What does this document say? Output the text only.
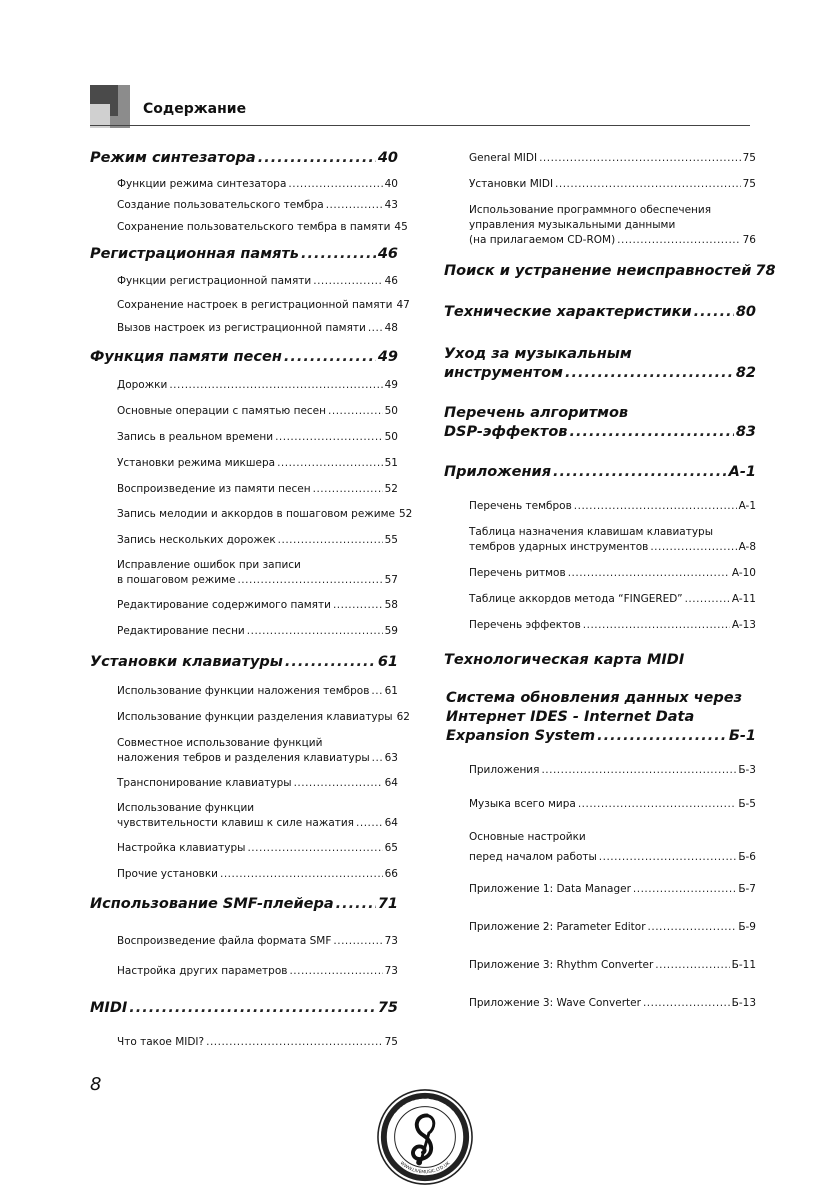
Содержание
Режим синтезатора .....	40
Функции режима синтезатора .....	40
Создание пользовательского тембра .....	43
Сохранение пользовательского тембра в памяти 45
Регистрационная память .....	46
Функции регистрационной памяти .....	46
Сохранение настроек в регистрационной памяти 47
Вызов настроек из регистрационной памяти ..... 48
Функция памяти песен .....	49
Дорожки .....	49
Основные операции с памятью песен .....	50
Запись в реальном времени .....	50
Установки режима микшера .....	51
Воспроизведение из памяти песен .....	52
Запись мелодии и аккордов в пошаговом режиме 52
Запись нескольких дорожек .....	55
Исправление ошибок при записи
в пошаговом режиме .....	57
Редактирование содержимого памяти .....	58
Редактирование песни .....	59
Установки клавиатуры .....	61
Использование функции наложения тембров ..... 61
Использование функции разделения клавиатуры 62
Совместное использование функций
наложения тебров и разделения клавиатуры ..... 63
Транспонирование клавиатуры .....	64
Использование функции
чувствительности клавиш к силе нажатия .....	64
Настройка клавиатуры .....	65
Прочие установки .....	66
Использование SMF-плейера .....	71
Воспроизведение файла формата SMF .....	73
Настройка других параметров .....	73
MIDI .....	75
Что такое MIDI? .....	75
General MIDI .....	75
Установки MIDI .....	75
Использование программного обеспечения
управления музыкальными данными
(на прилагаемом CD-ROM) .....	76
Поиск и устранение неисправностей 78
Технические характеристики .....	80
Уход за музыкальным
инструментом .....	82
Перечень алгоритмов
DSP-эффектов .....	83
Приложения .....	A-1
Перечень тембров .....	A-1
Таблица назначения клавишам клавиатуры
тембров ударных инструментов .....	A-8
Перечень ритмов .....	A-10
Таблице аккордов метода “FINGERED” .....	A-11
Перечень эффектов .....	A-13
Технологическая карта MIDI
Система обновления данных через
Интернет IDES - Internet Data
Expansion System .....	Б-1
Приложения .....	Б-3
Музыка всего мира .....	Б-5
Основные настройки
перед началом работы .....	Б-6
Приложение 1: Data Manager .....	Б-7
Приложение 2: Parameter Editor .....	Б-9
Приложение 3: Rhythm Converter .....	Б-11
Приложение 3: Wave Converter .....	Б-13
8
LIVEMUSIC.LTD
WWW.LIVEMUSIC.LTD.UK
